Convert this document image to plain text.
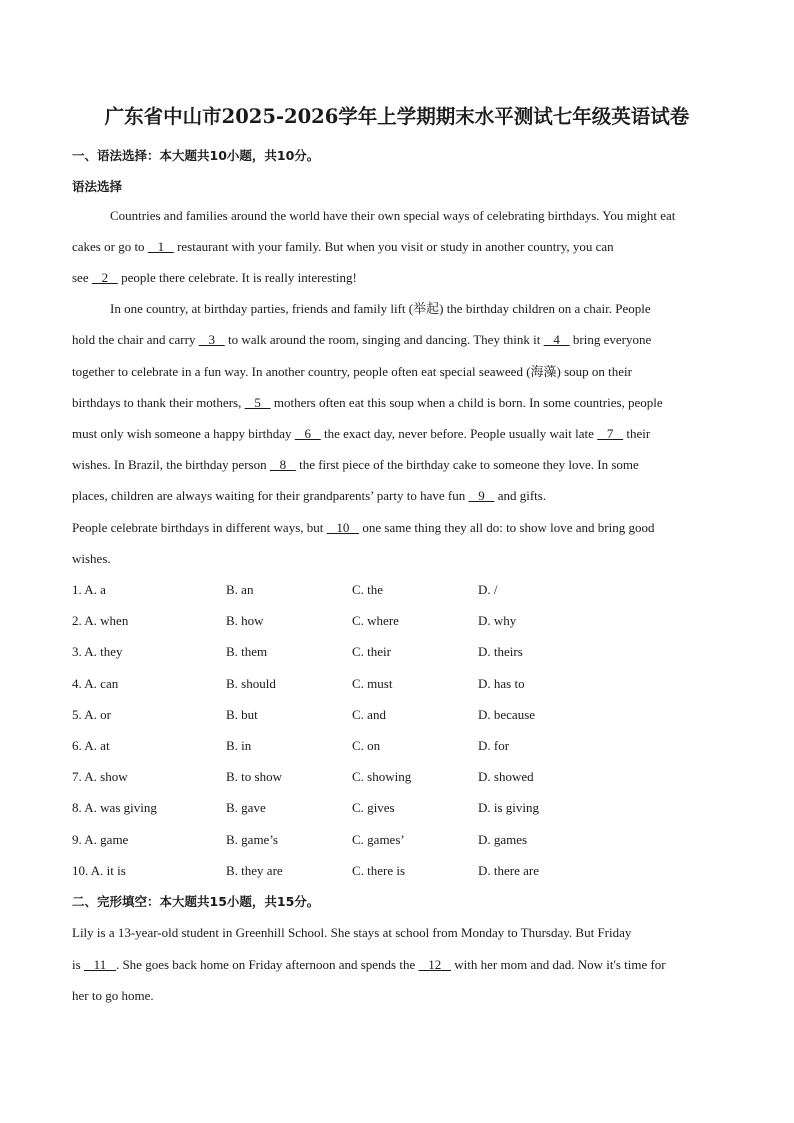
广东省中山市2025-2026学年上学期期末水平测试七年级英语试卷
一、语法选择：本大题共10小题，共10分。
语法选择
Countries and families around the world have their own special ways of celebrating birthdays. You might eat
cakes or go to    1    restaurant with your family. But when you visit or study in another country, you can
see    2    people there celebrate. It is really interesting!
In one country, at birthday parties, friends and family lift (举起) the birthday children on a chair. People
hold the chair and carry    3    to walk around the room, singing and dancing. They think it    4    bring everyone
together to celebrate in a fun way. In another country, people often eat special seaweed (海藻) soup on their
birthdays to thank their mothers,    5    mothers often eat this soup when a child is born. In some countries, people
must only wish someone a happy birthday    6    the exact day, never before. People usually wait late    7    their
wishes. In Brazil, the birthday person    8    the first piece of the birthday cake to someone they love. In some
places, children are always waiting for their grandparents’ party to have fun    9    and gifts.
People celebrate birthdays in different ways, but    10    one same thing they all do: to show love and bring good
wishes.
1. A. a	B. an	C. the	D. /
2. A. when	B. how	C. where	D. why
3. A. they	B. them	C. their	D. theirs
4. A. can	B. should	C. must	D. has to
5. A. or	B. but	C. and	D. because
6. A. at	B. in	C. on	D. for
7. A. show	B. to show	C. showing	D. showed
8. A. was giving	B. gave	C. gives	D. is giving
9. A. game	B. game’s	C. games’	D. games
10. A. it is	B. they are	C. there is	D. there are
二、完形填空：本大题共15小题，共15分。
Lily is a 13-year-old student in Greenhill School. She stays at school from Monday to Thursday. But Friday
is    11   . She goes back home on Friday afternoon and spends the    12    with her mom and dad. Now it's time for
her to go home.
